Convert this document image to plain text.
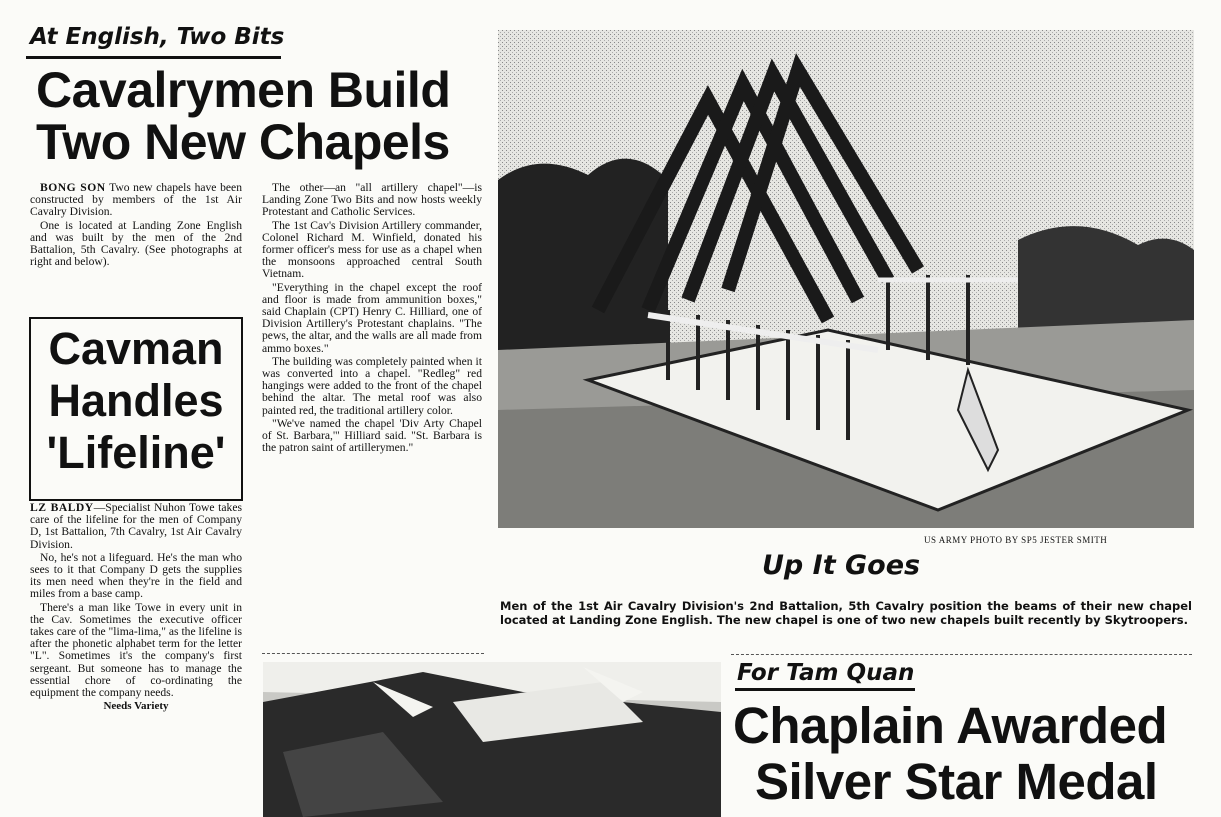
At English, Two Bits
Cavalrymen Build
Two New Chapels

BONG SON Two new chapels have been constructed by members of the 1st Air Cavalry Division.

One is located at Landing Zone English and was built by the men of the 2nd Battalion, 5th Cavalry. (See photographs at right and below).

Cavman
Handles
'Lifeline'

LZ BALDY—Specialist Nuhon Towe takes care of the lifeline for the men of Company D, 1st Battalion, 7th Cavalry, 1st Air Cavalry Division.

No, he's not a lifeguard. He's the man who sees to it that Company D gets the supplies its men need when they're in the field and miles from a base camp.

There's a man like Towe in every unit in the Cav. Sometimes the executive officer takes care of the "lima-lima," as the lifeline is after the phonetic alphabet term for the letter "L". Sometimes it's the company's first sergeant. But someone has to manage the essential chore of co-ordinating the equipment the company needs.

Needs Variety

The other—an "all artillery chapel"—is Landing Zone Two Bits and now hosts weekly Protestant and Catholic Services.

The 1st Cav's Division Artillery commander, Colonel Richard M. Winfield, donated his former officer's mess for use as a chapel when the monsoons approached central South Vietnam.

"Everything in the chapel except the roof and floor is made from ammunition boxes," said Chaplain (CPT) Henry C. Hilliard, one of Division Artillery's Protestant chaplains. "The pews, the altar, and the walls are all made from ammo boxes."

The building was completely painted when it was converted into a chapel. "Redleg" red hangings were added to the front of the chapel behind the altar. The metal roof was also painted red, the traditional artillery color.

"We've named the chapel 'Div Arty Chapel of St. Barbara,'" Hilliard said. "St. Barbara is the patron saint of artillerymen."

US ARMY PHOTO BY SP5 JESTER SMITH
Up It Goes
Men of the 1st Air Cavalry Division's 2nd Battalion, 5th Cavalry position the beams of their new chapel located at Landing Zone English. The new chapel is one of two new chapels built recently by Skytroopers.
For Tam Quan
Chaplain Awarded
Silver Star Medal
